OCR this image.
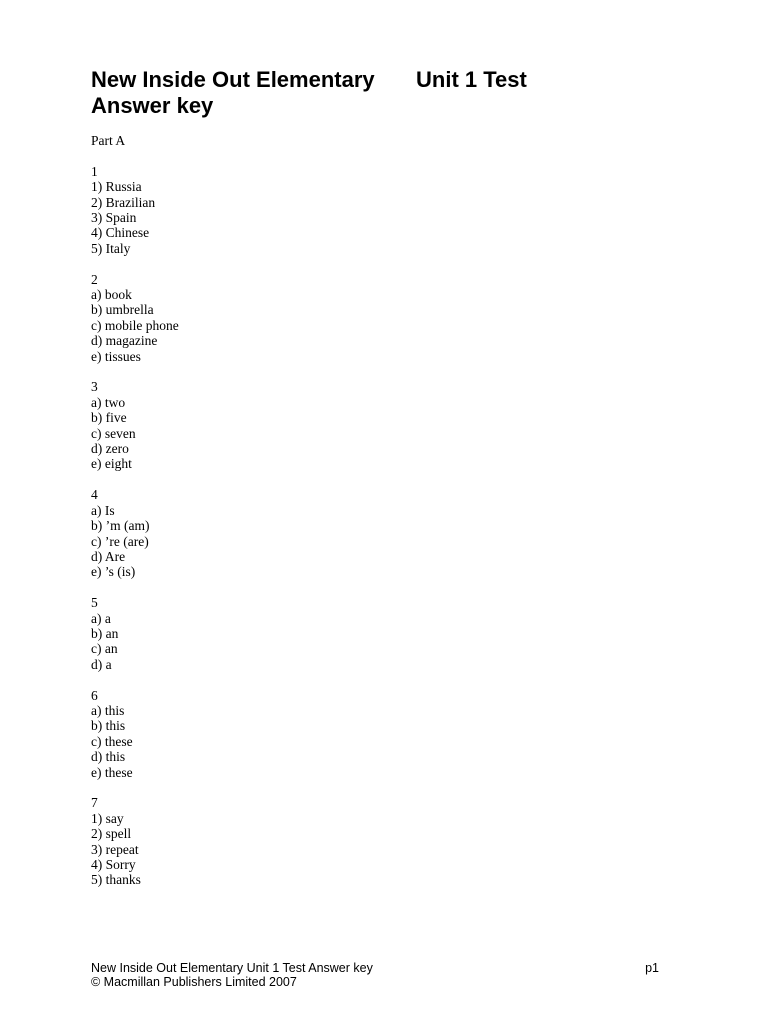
New Inside Out Elementary Unit 1 Test
Answer key
Part A
1
1) Russia
2) Brazilian
3) Spain
4) Chinese
5) Italy
2
a) book
b) umbrella
c) mobile phone
d) magazine
e) tissues
3
a) two
b) five
c) seven
d) zero
e) eight
4
a) Is
b) ’m (am)
c) ’re (are)
d) Are
e) ’s (is)
5
a) a
b) an
c) an
d) a
6
a) this
b) this
c) these
d) this
e) these
7
1) say
2) spell
3) repeat
4) Sorry
5) thanks
New Inside Out Elementary Unit 1 Test Answer key	p1
© Macmillan Publishers Limited 2007
